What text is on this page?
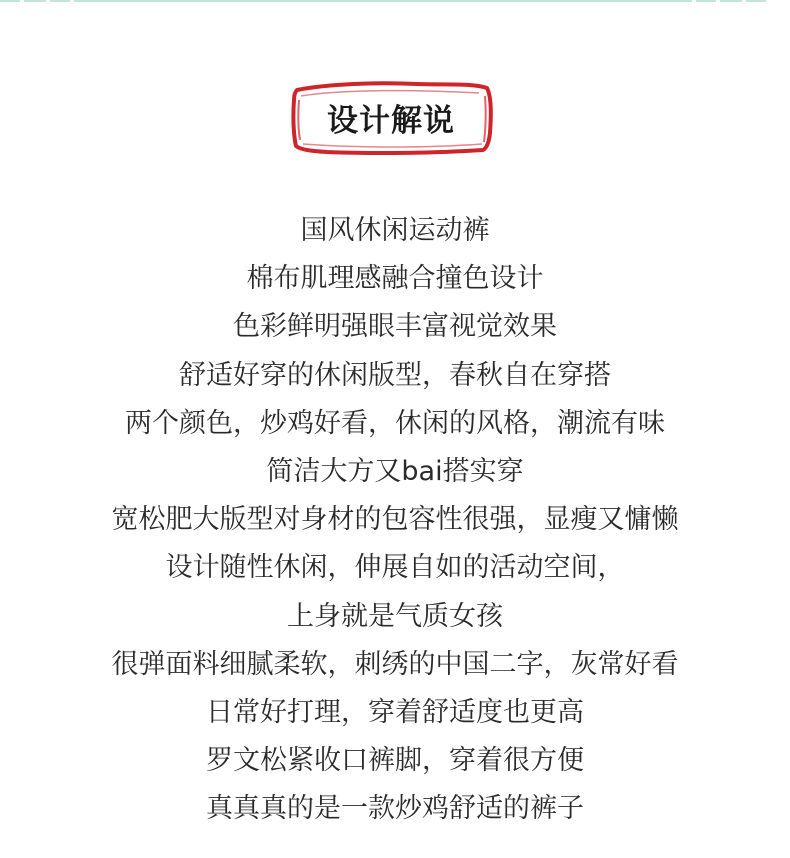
设计解说
国风休闲运动裤
棉布肌理感融合撞色设计
色彩鲜明强眼丰富视觉效果
舒适好穿的休闲版型，春秋自在穿搭
两个颜色，炒鸡好看，休闲的风格，潮流有味
简洁大方又bai搭实穿
宽松肥大版型对身材的包容性很强，显瘦又慵懒
设计随性休闲，伸展自如的活动空间，
上身就是气质女孩
很弹面料细腻柔软，刺绣的中国二字，灰常好看
日常好打理，穿着舒适度也更高
罗文松紧收口裤脚，穿着很方便
真真真的是一款炒鸡舒适的裤子
